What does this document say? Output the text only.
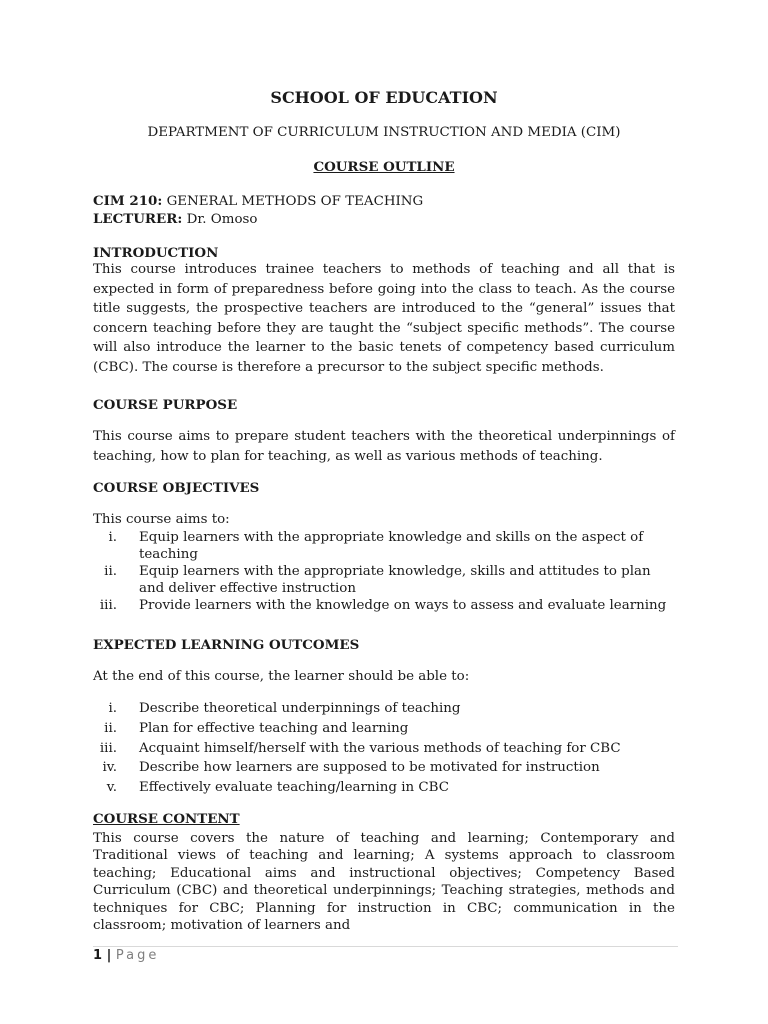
SCHOOL OF EDUCATION
DEPARTMENT OF CURRICULUM INSTRUCTION AND MEDIA (CIM)
COURSE OUTLINE
CIM 210: GENERAL METHODS OF TEACHING
LECTURER: Dr. Omoso
INTRODUCTION
This course introduces trainee teachers to methods of teaching and all that is expected in form of preparedness before going into the class to teach. As the course title suggests, the prospective teachers are introduced to the “general” issues that concern teaching before they are taught the “subject specific methods”. The course will also introduce the learner to the basic tenets of competency based curriculum (CBC). The course is therefore a precursor to the subject specific methods.
COURSE PURPOSE
This course aims to prepare student teachers with the theoretical underpinnings of teaching, how to plan for teaching, as well as various methods of teaching.
COURSE OBJECTIVES
This course aims to:
i. Equip learners with the appropriate knowledge and skills on the aspect of teaching
ii. Equip learners with the appropriate knowledge, skills and attitudes to plan and deliver effective instruction
iii. Provide learners with the knowledge on ways to assess and evaluate learning
EXPECTED LEARNING OUTCOMES
At the end of this course, the learner should be able to:
i. Describe theoretical underpinnings of teaching
ii. Plan for effective teaching and learning
iii. Acquaint himself/herself with the various methods of teaching for CBC
iv. Describe how learners are supposed to be motivated for instruction
v. Effectively evaluate teaching/learning in CBC
COURSE CONTENT
This course covers the nature of teaching and learning; Contemporary and Traditional views of teaching and learning; A systems approach to classroom teaching; Educational aims and instructional objectives; Competency Based Curriculum (CBC) and theoretical underpinnings; Teaching strategies, methods and techniques for CBC; Planning for instruction in CBC; communication in the classroom; motivation of learners and
1 | Page
